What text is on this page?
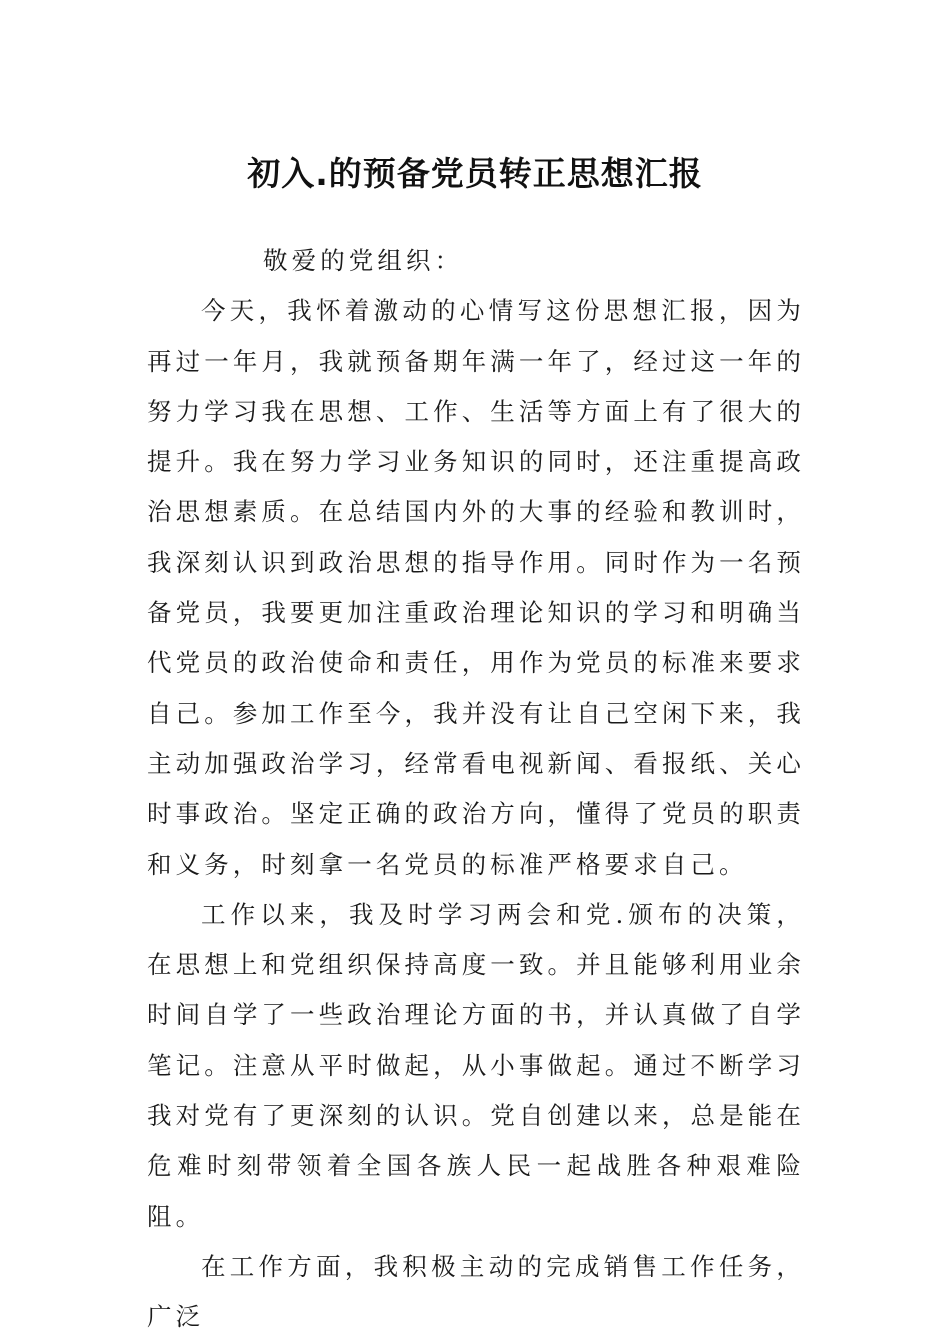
初入.的预备党员转正思想汇报

敬爱的党组织：

今天，我怀着激动的心情写这份思想汇报，因为再过一年月，我就预备期年满一年了，经过这一年的努力学习我在思想、工作、生活等方面上有了很大的提升。我在努力学习业务知识的同时，还注重提高政治思想素质。在总结国内外的大事的经验和教训时，我深刻认识到政治思想的指导作用。同时作为一名预备党员，我要更加注重政治理论知识的学习和明确当代党员的政治使命和责任，用作为党员的标准来要求自己。参加工作至今，我并没有让自己空闲下来，我主动加强政治学习，经常看电视新闻、看报纸、关心时事政治。坚定正确的政治方向，懂得了党员的职责和义务，时刻拿一名党员的标准严格要求自己。

工作以来，我及时学习两会和党.颁布的决策，在思想上和党组织保持高度一致。并且能够利用业余时间自学了一些政治理论方面的书，并认真做了自学笔记。注意从平时做起，从小事做起。通过不断学习我对党有了更深刻的认识。党自创建以来，总是能在危难时刻带领着全国各族人民一起战胜各种艰难险阻。

在工作方面，我积极主动的完成销售工作任务，广泛
